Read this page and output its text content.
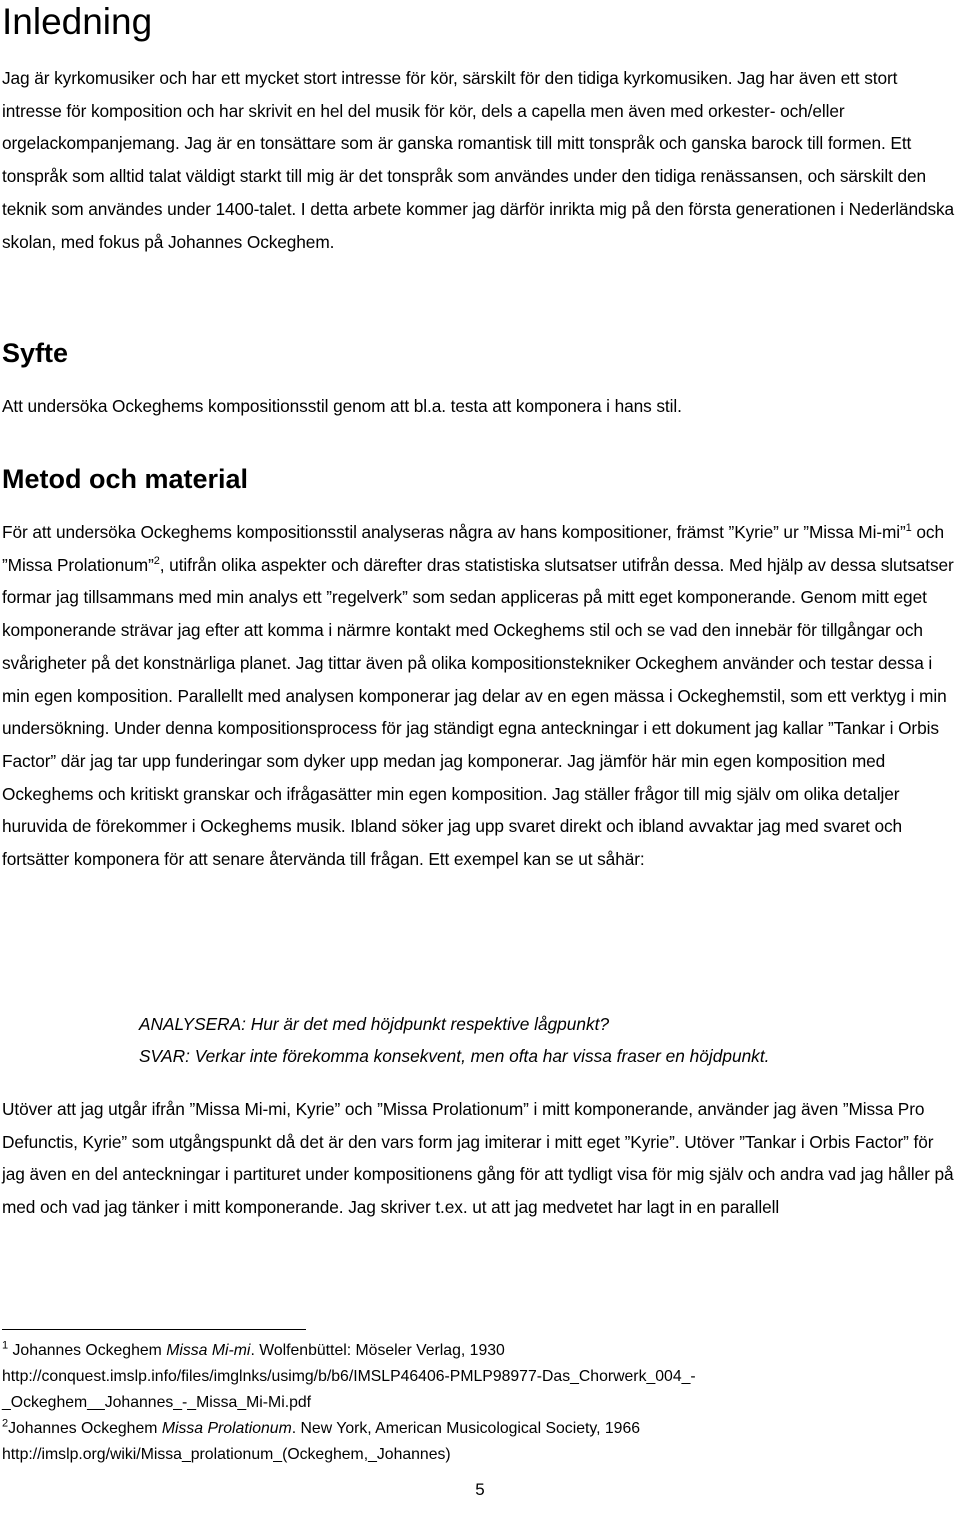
Inledning

Jag är kyrkomusiker och har ett mycket stort intresse för kör, särskilt för den tidiga kyrkomusiken. Jag har även ett stort intresse för komposition och har skrivit en hel del musik för kör, dels a capella men även med orkester- och/eller orgelackompanjemang. Jag är en tonsättare som är ganska romantisk till mitt tonspråk och ganska barock till formen. Ett tonspråk som alltid talat väldigt starkt till mig är det tonspråk som användes under den tidiga renässansen, och särskilt den teknik som användes under 1400-talet. I detta arbete kommer jag därför inrikta mig på den första generationen i Nederländska skolan, med fokus på Johannes Ockeghem.

Syfte

Att undersöka Ockeghems kompositionsstil genom att bl.a. testa att komponera i hans stil.

Metod och material

För att undersöka Ockeghems kompositionsstil analyseras några av hans kompositioner, främst ”Kyrie” ur ”Missa Mi-mi”$^1$ och ”Missa Prolationum”$^2$, utifrån olika aspekter och därefter dras statistiska slutsatser utifrån dessa. Med hjälp av dessa slutsatser formar jag tillsammans med min analys ett ”regelverk” som sedan appliceras på mitt eget komponerande. Genom mitt eget komponerande strävar jag efter att komma i närmre kontakt med Ockeghems stil och se vad den innebär för tillgångar och svårigheter på det konstnärliga planet. Jag tittar även på olika kompositionstekniker Ockeghem använder och testar dessa i min egen komposition. Parallellt med analysen komponerar jag delar av en egen mässa i Ockeghemstil, som ett verktyg i min undersökning. Under denna kompositionsprocess för jag ständigt egna anteckningar i ett dokument jag kallar ”Tankar i Orbis Factor” där jag tar upp funderingar som dyker upp medan jag komponerar. Jag jämför här min egen komposition med Ockeghems och kritiskt granskar och ifrågasätter min egen komposition. Jag ställer frågor till mig själv om olika detaljer huruvida de förekommer i Ockeghems musik. Ibland söker jag upp svaret direkt och ibland avvaktar jag med svaret och fortsätter komponera för att senare återvända till frågan. Ett exempel kan se ut såhär:

ANALYSERA: Hur är det med höjdpunkt respektive lågpunkt?
SVAR: Verkar inte förekomma konsekvent, men ofta har vissa fraser en höjdpunkt.

Utöver att jag utgår ifrån ”Missa Mi-mi, Kyrie” och ”Missa Prolationum” i mitt komponerande, använder jag även ”Missa Pro Defunctis, Kyrie” som utgångspunkt då det är den vars form jag imiterar i mitt eget ”Kyrie”. Utöver ”Tankar i Orbis Factor” för jag även en del anteckningar i partituret under kompositionens gång för att tydligt visa för mig själv och andra vad jag håller på med och vad jag tänker i mitt komponerande. Jag skriver t.ex. ut att jag medvetet har lagt in en parallell

$^1$ Johannes Ockeghem Missa Mi-mi. Wolfenbüttel: Möseler Verlag, 1930
http://conquest.imslp.info/files/imglnks/usimg/b/b6/IMSLP46406-PMLP98977-Das_Chorwerk_004_-
_Ockeghem__Johannes_-_Missa_Mi-Mi.pdf
$^2$Johannes Ockeghem Missa Prolationum. New York, American Musicological Society, 1966
http://imslp.org/wiki/Missa_prolationum_(Ockeghem,_Johannes)
5
